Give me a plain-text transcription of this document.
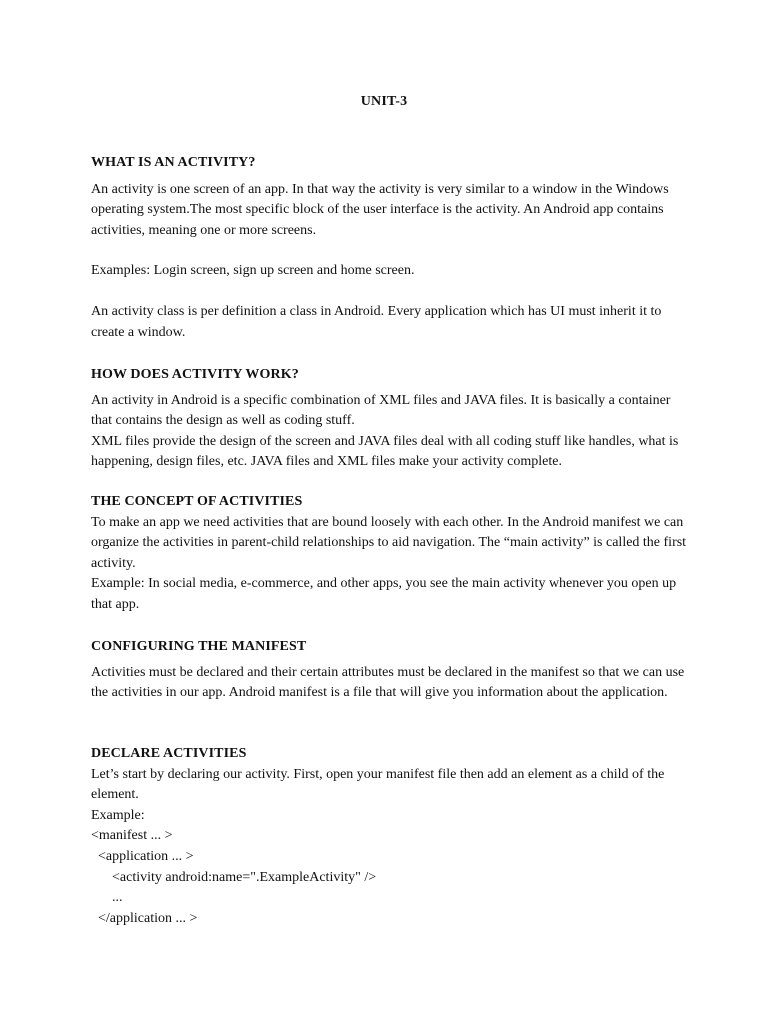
UNIT-3
WHAT IS AN ACTIVITY?

An activity is one screen of an app. In that way the activity is very similar to a window in the Windows operating system.The most specific block of the user interface is the activity. An Android app contains activities, meaning one or more screens.

Examples: Login screen, sign up screen and home screen.

An activity class is per definition a class in Android. Every application which has UI must inherit it to create a window.

HOW DOES ACTIVITY WORK?

An activity in Android is a specific combination of XML files and JAVA files. It is basically a container that contains the design as well as coding stuff.

XML files provide the design of the screen and JAVA files deal with all coding stuff like handles, what is happening, design files, etc. JAVA files and XML files make your activity complete.

THE CONCEPT OF ACTIVITIES

To make an app we need activities that are bound loosely with each other. In the Android manifest we can organize the activities in parent-child relationships to aid navigation. The “main activity” is called the first activity.

Example: In social media, e-commerce, and other apps, you see the main activity whenever you open up that app.

CONFIGURING THE MANIFEST

Activities must be declared and their certain attributes must be declared in the manifest so that we can use the activities in our app. Android manifest is a file that will give you information about the application.

DECLARE ACTIVITIES

Let’s start by declaring our activity. First, open your manifest file then add an element as a child of the element.

Example:

<manifest ... >
<application ... >
<activity android:name=".ExampleActivity" />
...
</application ... >
